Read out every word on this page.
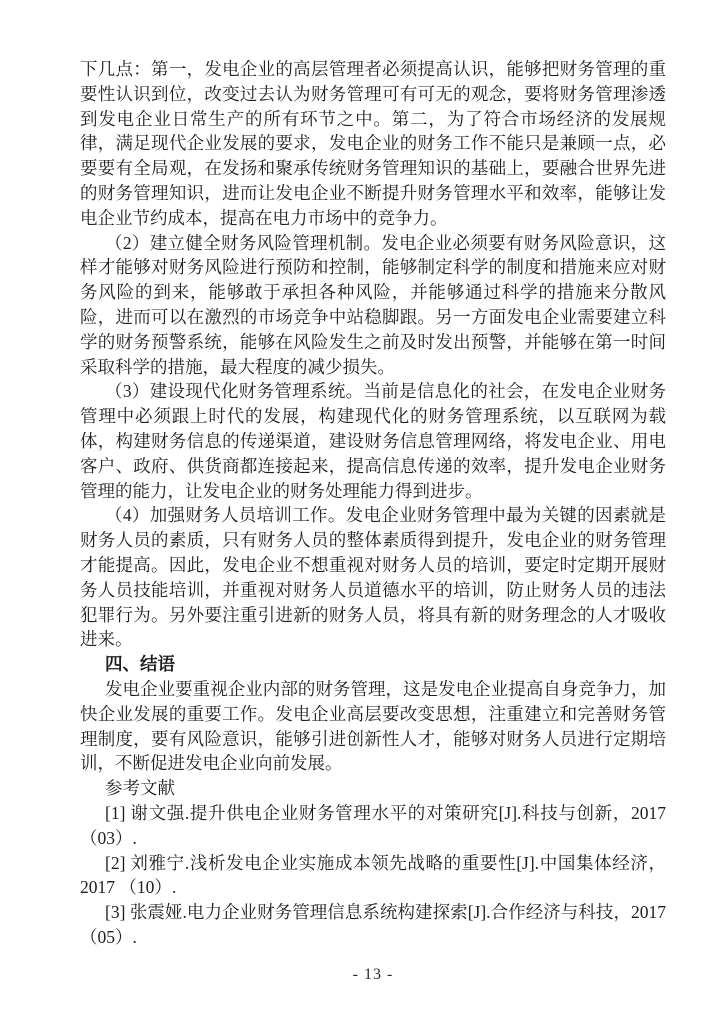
下几点：第一，发电企业的高层管理者必须提高认识，能够把财务管理的重要性认识到位，改变过去认为财务管理可有可无的观念，要将财务管理渗透到发电企业日常生产的所有环节之中。第二，为了符合市场经济的发展规律，满足现代企业发展的要求，发电企业的财务工作不能只是兼顾一点，必要要有全局观，在发扬和聚承传统财务管理知识的基础上，要融合世界先进的财务管理知识，进而让发电企业不断提升财务管理水平和效率，能够让发电企业节约成本，提高在电力市场中的竞争力。

（2）建立健全财务风险管理机制。发电企业必须要有财务风险意识，这样才能够对财务风险进行预防和控制，能够制定科学的制度和措施来应对财务风险的到来，能够敢于承担各种风险，并能够通过科学的措施来分散风险，进而可以在激烈的市场竞争中站稳脚跟。另一方面发电企业需要建立科学的财务预警系统，能够在风险发生之前及时发出预警，并能够在第一时间采取科学的措施，最大程度的减少损失。

（3）建设现代化财务管理系统。当前是信息化的社会，在发电企业财务管理中必须跟上时代的发展，构建现代化的财务管理系统，以互联网为载体，构建财务信息的传递渠道，建设财务信息管理网络，将发电企业、用电客户、政府、供货商都连接起来，提高信息传递的效率，提升发电企业财务管理的能力，让发电企业的财务处理能力得到进步。

（4）加强财务人员培训工作。发电企业财务管理中最为关键的因素就是财务人员的素质，只有财务人员的整体素质得到提升，发电企业的财务管理才能提高。因此，发电企业不想重视对财务人员的培训，要定时定期开展财务人员技能培训，并重视对财务人员道德水平的培训，防止财务人员的违法犯罪行为。另外要注重引进新的财务人员，将具有新的财务理念的人才吸收进来。

四、结语

发电企业要重视企业内部的财务管理，这是发电企业提高自身竞争力，加快企业发展的重要工作。发电企业高层要改变思想，注重建立和完善财务管理制度，要有风险意识，能够引进创新性人才，能够对财务人员进行定期培训，不断促进发电企业向前发展。

参考文献

[1] 谢文强.提升供电企业财务管理水平的对策研究[J].科技与创新，2017（03）.

[2] 刘雅宁.浅析发电企业实施成本领先战略的重要性[J].中国集体经济，2017 （10）.

[3] 张震娅.电力企业财务管理信息系统构建探索[J].合作经济与科技，2017（05）.

- 13 -
